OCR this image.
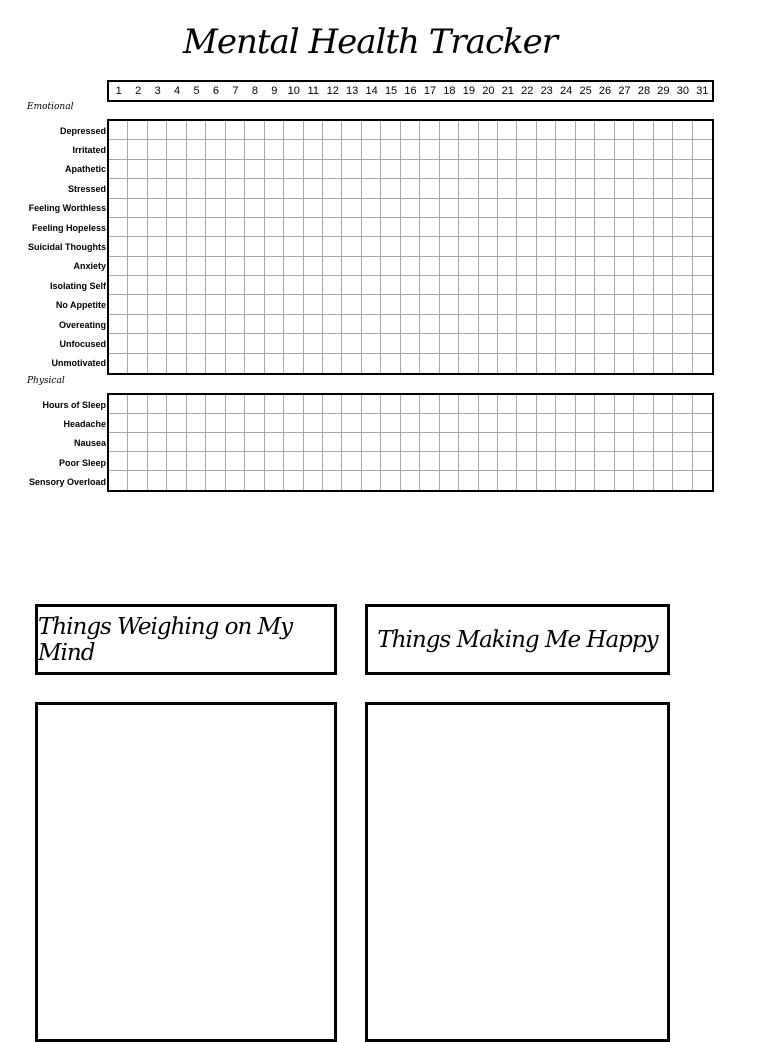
Mental Health Tracker
1	2	3	4	5	6	7	8	9 10 11 12 13 14 15 16 17 18 19 20 21 22 23 24 25 26 27 28 29 30 31
Emotional
Depressed
Irritated
Apathetic
Stressed
Feeling Worthless
Feeling Hopeless
Suicidal Thoughts
Anxiety
Isolating Self
No Appetite
Overeating
Unfocused
Unmotivated
Physical
Hours of Sleep
Headache
Nausea
Poor Sleep
Sensory Overload
Things Weighing on My Mind	Things Making Me Happy
